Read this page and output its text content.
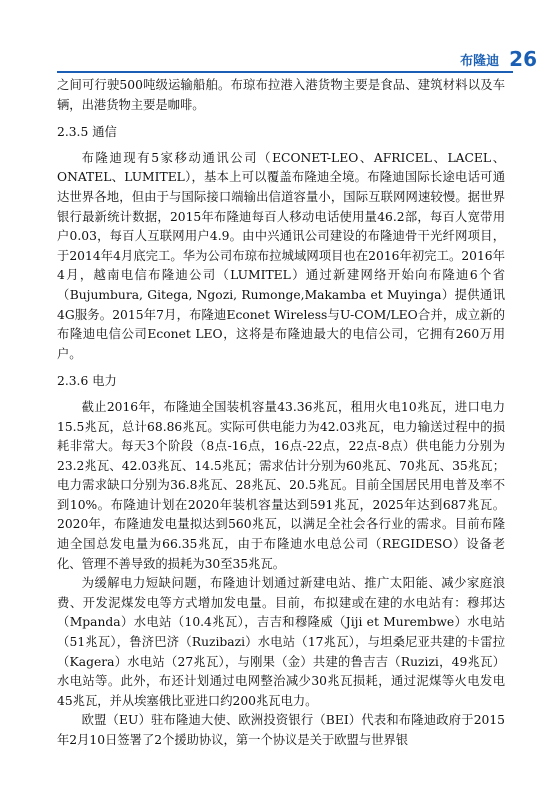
布隆迪 26

之间可行驶500吨级运输船舶。布琼布拉港入港货物主要是食品、建筑材料以及车辆，出港货物主要是咖啡。

2.3.5 通信

布隆迪现有5家移动通讯公司（ECONET-LEO、AFRICEL、LACEL、ONATEL、LUMITEL），基本上可以覆盖布隆迪全境。布隆迪国际长途电话可通达世界各地，但由于与国际接口端输出信道容量小，国际互联网网速较慢。据世界银行最新统计数据，2015年布隆迪每百人移动电话使用量46.2部，每百人宽带用户0.03，每百人互联网用户4.9。由中兴通讯公司建设的布隆迪骨干光纤网项目，于2014年4月底完工。华为公司布琼布拉城域网项目也在2016年初完工。2016年4月，越南电信布隆迪公司（LUMITEL）通过新建网络开始向布隆迪6个省（Bujumbura, Gitega, Ngozi, Rumonge,Makamba et Muyinga）提供通讯4G服务。2015年7月，布隆迪Econet Wireless与U-COM/LEO合并，成立新的布隆迪电信公司Econet LEO，这将是布隆迪最大的电信公司，它拥有260万用户。

2.3.6 电力

截止2016年，布隆迪全国装机容量43.36兆瓦，租用火电10兆瓦，进口电力15.5兆瓦，总计68.86兆瓦。实际可供电能力为42.03兆瓦，电力输送过程中的损耗非常大。每天3个阶段（8点-16点，16点-22点，22点-8点）供电能力分别为23.2兆瓦、42.03兆瓦、14.5兆瓦；需求估计分别为60兆瓦、70兆瓦、35兆瓦；电力需求缺口分别为36.8兆瓦、28兆瓦、20.5兆瓦。目前全国居民用电普及率不到10%。布隆迪计划在2020年装机容量达到591兆瓦，2025年达到687兆瓦。2020年，布隆迪发电量拟达到560兆瓦，以满足全社会各行业的需求。目前布隆迪全国总发电量为66.35兆瓦，由于布隆迪水电总公司（REGIDESO）设备老化、管理不善导致的损耗为30至35兆瓦。

为缓解电力短缺问题，布隆迪计划通过新建电站、推广太阳能、减少家庭浪费、开发泥煤发电等方式增加发电量。目前，布拟建或在建的水电站有：穆邦达（Mpanda）水电站（10.4兆瓦），吉吉和穆隆威（Jiji et Murembwe）水电站（51兆瓦），鲁济巴济（Ruzibazi）水电站（17兆瓦），与坦桑尼亚共建的卡雷拉（Kagera）水电站（27兆瓦），与刚果（金）共建的鲁吉吉（Ruzizi，49兆瓦）水电站等。此外，布还计划通过电网整治减少30兆瓦损耗，通过泥煤等火电发电45兆瓦，并从埃塞俄比亚进口约200兆瓦电力。

欧盟（EU）驻布隆迪大使、欧洲投资银行（BEI）代表和布隆迪政府于2015年2月10日签署了2个援助协议，第一个协议是关于欧盟与世界银
